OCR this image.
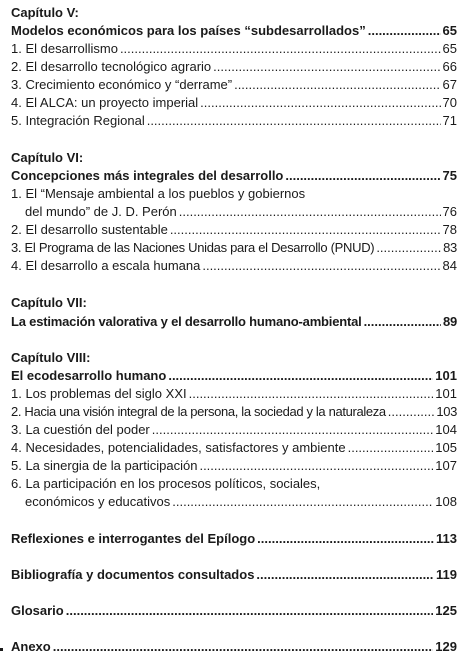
Capítulo V:
Modelos económicos para los países “subdesarrollados” .....	65
1. El desarrollismo .....	65
2. El desarrollo tecnológico agrario .....	66
3. Crecimiento económico y “derrame” .....	67
4. El ALCA: un proyecto imperial .....	70
5. Integración Regional .....	71
Capítulo VI:
Concepciones más integrales del desarrollo .....	75
1. El “Mensaje ambiental a los pueblos y gobiernos
del mundo” de J. D. Perón .....	76
2. El desarrollo sustentable .....	78
3. El Programa de las Naciones Unidas para el Desarrollo (PNUD) .....	83
4. El desarrollo a escala humana .....	84
Capítulo VII:
La estimación valorativa y el desarrollo humano-ambiental .....	89
Capítulo VIII:
El ecodesarrollo humano .....	101
1. Los problemas del siglo XXI .....	101
2. Hacia una visión integral de la persona, la sociedad y la naturaleza .....	103
3. La cuestión del poder .....	104
4. Necesidades, potencialidades, satisfactores y ambiente .....	105
5. La sinergia de la participación .....	107
6. La participación en los procesos políticos, sociales,
económicos y educativos .....	108
Reflexiones e interrogantes del Epílogo .....	113
Bibliografía y documentos consultados .....	119
Glosario .....	125
Anexo .....	129
